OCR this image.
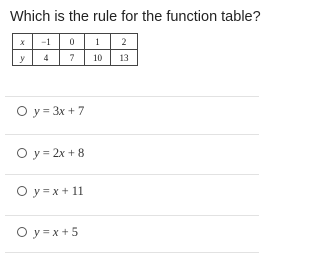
Which is the rule for the function table?
x	−1	0	1	2
y	4	7	10	13
y = 3x + 7
y = 2x + 8
y = x + 11
y = x + 5
